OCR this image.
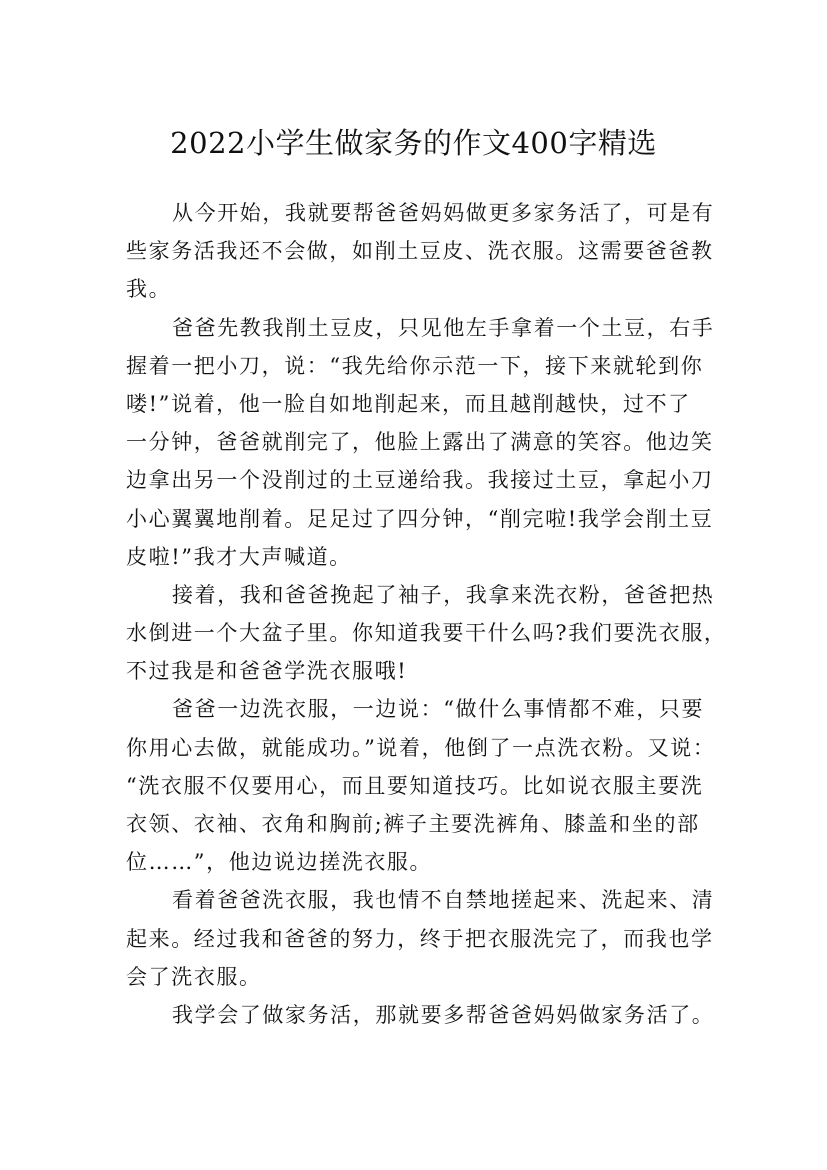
2022小学生做家务的作文400字精选
从今开始，我就要帮爸爸妈妈做更多家务活了，可是有
些家务活我还不会做，如削土豆皮、洗衣服。这需要爸爸教
我。
爸爸先教我削土豆皮，只见他左手拿着一个土豆，右手
握着一把小刀，说：“我先给你示范一下，接下来就轮到你
喽!”说着，他一脸自如地削起来，而且越削越快，过不了
一分钟，爸爸就削完了，他脸上露出了满意的笑容。他边笑
边拿出另一个没削过的土豆递给我。我接过土豆，拿起小刀
小心翼翼地削着。足足过了四分钟，“削完啦!我学会削土豆
皮啦!”我才大声喊道。
接着，我和爸爸挽起了袖子，我拿来洗衣粉，爸爸把热
水倒进一个大盆子里。你知道我要干什么吗?我们要洗衣服，
不过我是和爸爸学洗衣服哦!
爸爸一边洗衣服，一边说：“做什么事情都不难，只要
你用心去做，就能成功。”说着，他倒了一点洗衣粉。又说：
“洗衣服不仅要用心，而且要知道技巧。比如说衣服主要洗
衣领、衣袖、衣角和胸前;裤子主要洗裤角、膝盖和坐的部
位……”，他边说边搓洗衣服。
看着爸爸洗衣服，我也情不自禁地搓起来、洗起来、清
起来。经过我和爸爸的努力，终于把衣服洗完了，而我也学
会了洗衣服。
我学会了做家务活，那就要多帮爸爸妈妈做家务活了。
